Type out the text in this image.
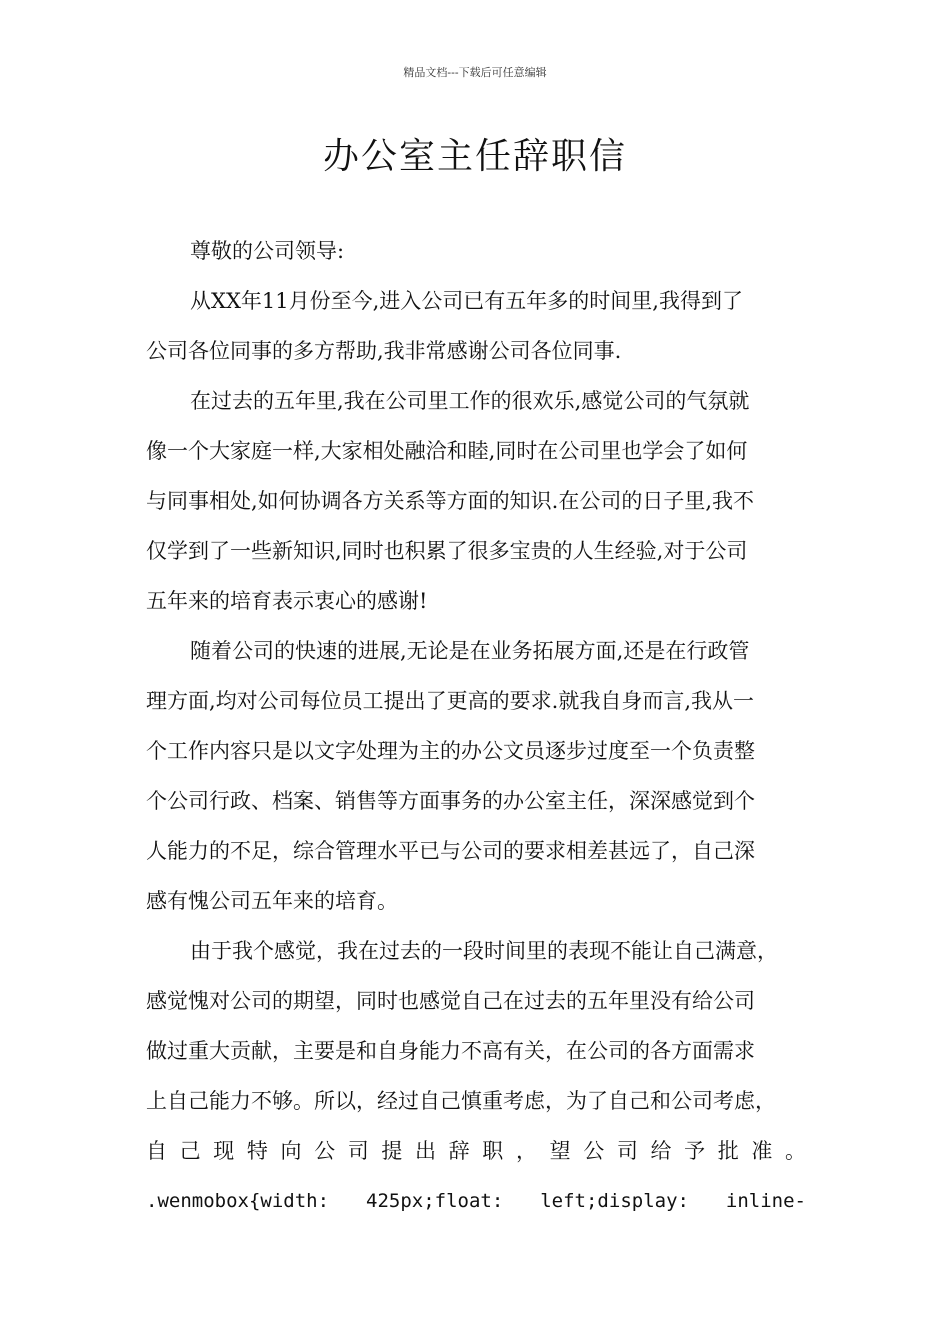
精品文档---下载后可任意编辑
办公室主任辞职信
尊敬的公司领导:
从XX年11月份至今,进入公司已有五年多的时间里,我得到了
公司各位同事的多方帮助,我非常感谢公司各位同事.
在过去的五年里,我在公司里工作的很欢乐,感觉公司的气氛就
像一个大家庭一样,大家相处融洽和睦,同时在公司里也学会了如何
与同事相处,如何协调各方关系等方面的知识.在公司的日子里,我不
仅学到了一些新知识,同时也积累了很多宝贵的人生经验,对于公司
五年来的培育表示衷心的感谢!
随着公司的快速的进展,无论是在业务拓展方面,还是在行政管
理方面,均对公司每位员工提出了更高的要求.就我自身而言,我从一
个工作内容只是以文字处理为主的办公文员逐步过度至一个负责整
个公司行政、档案、销售等方面事务的办公室主任，深深感觉到个
人能力的不足，综合管理水平已与公司的要求相差甚远了，自己深
感有愧公司五年来的培育。
由于我个感觉，我在过去的一段时间里的表现不能让自己满意，
感觉愧对公司的期望，同时也感觉自己在过去的五年里没有给公司
做过重大贡献，主要是和自身能力不高有关，在公司的各方面需求
上自己能力不够。所以，经过自己慎重考虑，为了自己和公司考虑，
自 己 现 特 向 公 司 提 出 辞 职 ， 望 公 司 给 予 批 准 。
.wenmobox{width: 425px;float: left;display: inline-
